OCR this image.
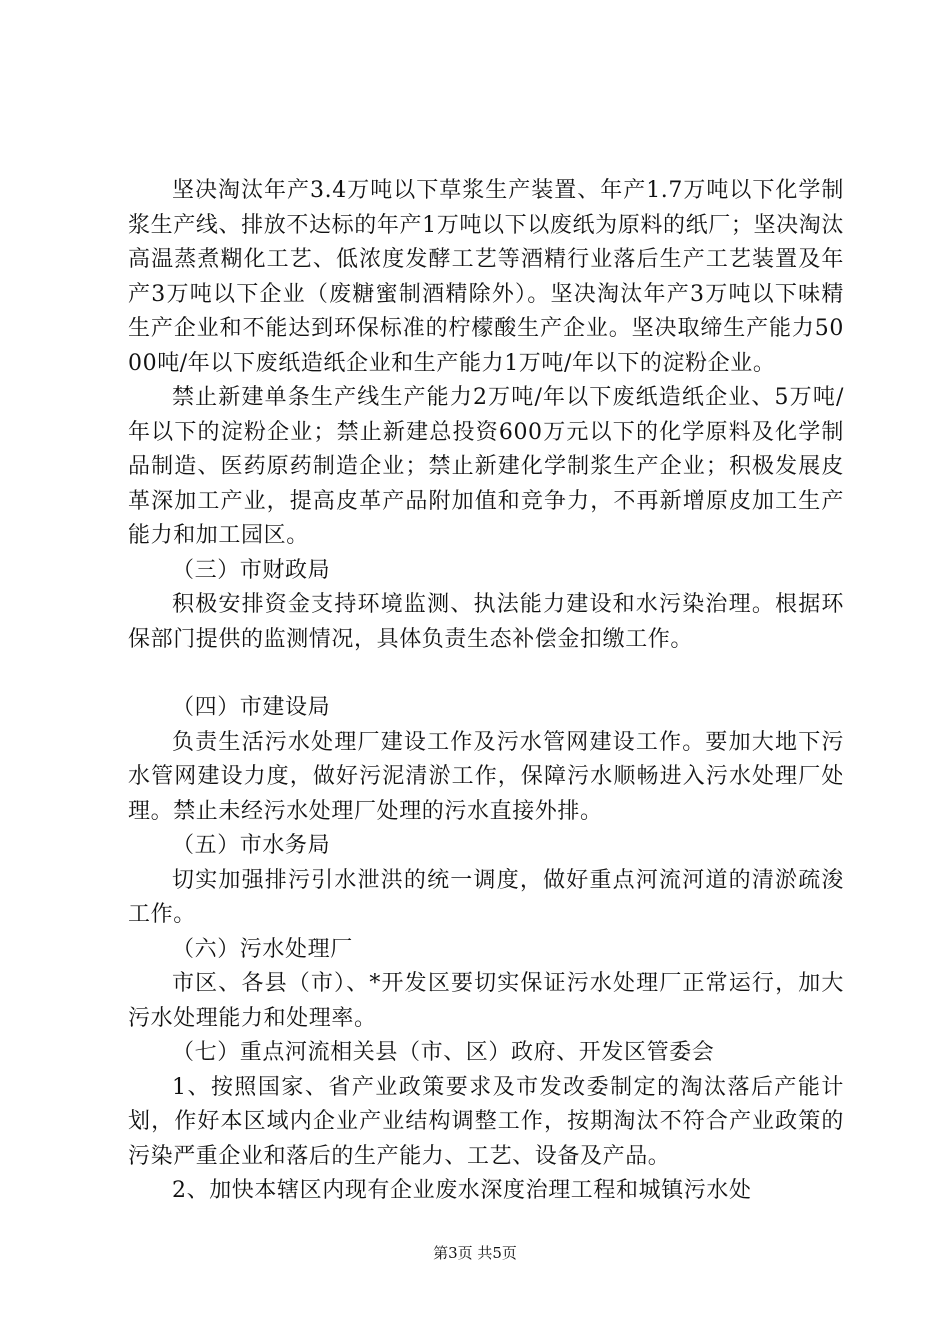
坚决淘汰年产3.4万吨以下草浆生产装置、年产1.7万吨以下化学制浆生产线、排放不达标的年产1万吨以下以废纸为原料的纸厂；坚决淘汰高温蒸煮糊化工艺、低浓度发酵工艺等酒精行业落后生产工艺装置及年产3万吨以下企业（废糖蜜制酒精除外）。坚决淘汰年产3万吨以下味精生产企业和不能达到环保标准的柠檬酸生产企业。坚决取缔生产能力5000吨/年以下废纸造纸企业和生产能力1万吨/年以下的淀粉企业。

禁止新建单条生产线生产能力2万吨/年以下废纸造纸企业、5万吨/年以下的淀粉企业；禁止新建总投资600万元以下的化学原料及化学制品制造、医药原药制造企业；禁止新建化学制浆生产企业；积极发展皮革深加工产业，提高皮革产品附加值和竞争力，不再新增原皮加工生产能力和加工园区。

（三）市财政局

积极安排资金支持环境监测、执法能力建设和水污染治理。根据环保部门提供的监测情况，具体负责生态补偿金扣缴工作。

（四）市建设局

负责生活污水处理厂建设工作及污水管网建设工作。要加大地下污水管网建设力度，做好污泥清淤工作，保障污水顺畅进入污水处理厂处理。禁止未经污水处理厂处理的污水直接外排。

（五）市水务局

切实加强排污引水泄洪的统一调度，做好重点河流河道的清淤疏浚工作。

（六）污水处理厂

市区、各县（市）、*开发区要切实保证污水处理厂正常运行，加大污水处理能力和处理率。

（七）重点河流相关县（市、区）政府、开发区管委会

1、按照国家、省产业政策要求及市发改委制定的淘汰落后产能计划，作好本区域内企业产业结构调整工作，按期淘汰不符合产业政策的污染严重企业和落后的生产能力、工艺、设备及产品。

2、加快本辖区内现有企业废水深度治理工程和城镇污水处

第3页 共5页
